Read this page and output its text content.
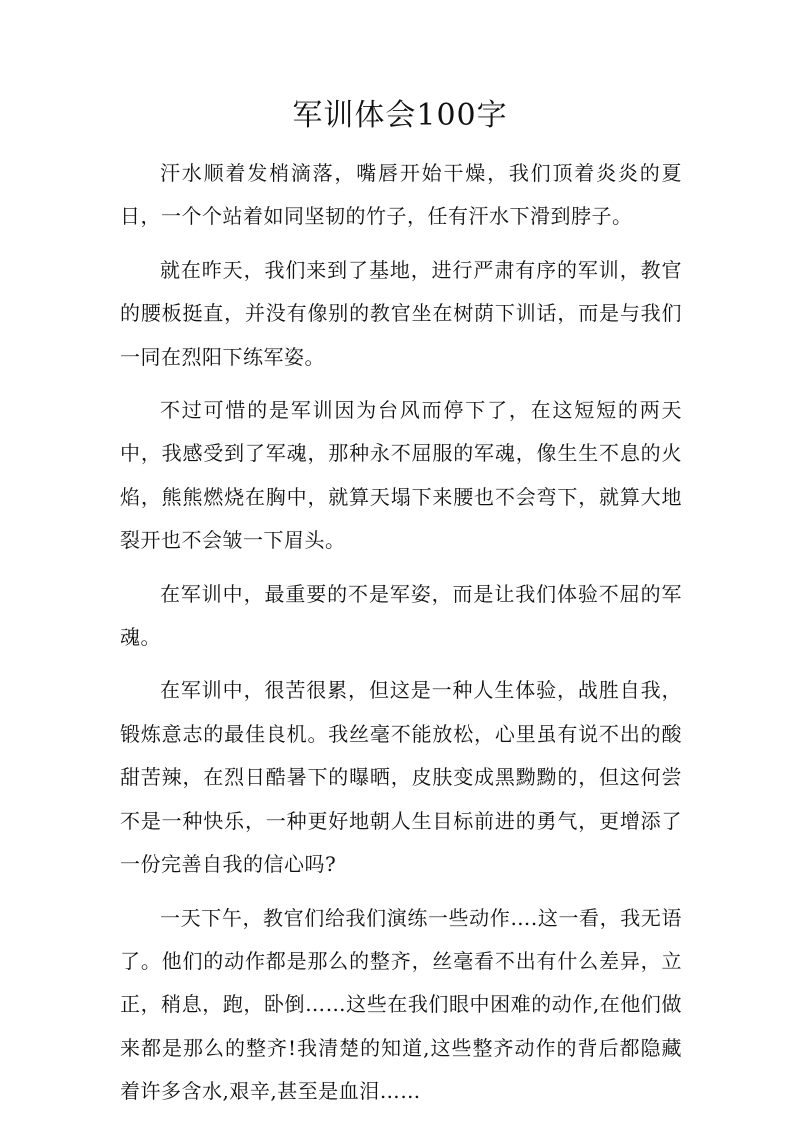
军训体会100字

汗水顺着发梢滴落，嘴唇开始干燥，我们顶着炎炎的夏日，一个个站着如同坚韧的竹子，任有汗水下滑到脖子。

就在昨天，我们来到了基地，进行严肃有序的军训，教官的腰板挺直，并没有像别的教官坐在树荫下训话，而是与我们一同在烈阳下练军姿。

不过可惜的是军训因为台风而停下了，在这短短的两天中，我感受到了军魂，那种永不屈服的军魂，像生生不息的火焰，熊熊燃烧在胸中，就算天塌下来腰也不会弯下，就算大地裂开也不会皱一下眉头。

在军训中，最重要的不是军姿，而是让我们体验不屈的军魂。

在军训中，很苦很累，但这是一种人生体验，战胜自我，锻炼意志的最佳良机。我丝毫不能放松，心里虽有说不出的酸甜苦辣，在烈日酷暑下的曝晒，皮肤变成黑黝黝的，但这何尝不是一种快乐，一种更好地朝人生目标前进的勇气，更增添了一份完善自我的信心吗?

一天下午，教官们给我们演练一些动作….这一看，我无语了。他们的动作都是那么的整齐，丝毫看不出有什么差异，立正，稍息，跑，卧倒……这些在我们眼中困难的动作,在他们做来都是那么的整齐!我清楚的知道,这些整齐动作的背后都隐藏着许多含水,艰辛,甚至是血泪……
